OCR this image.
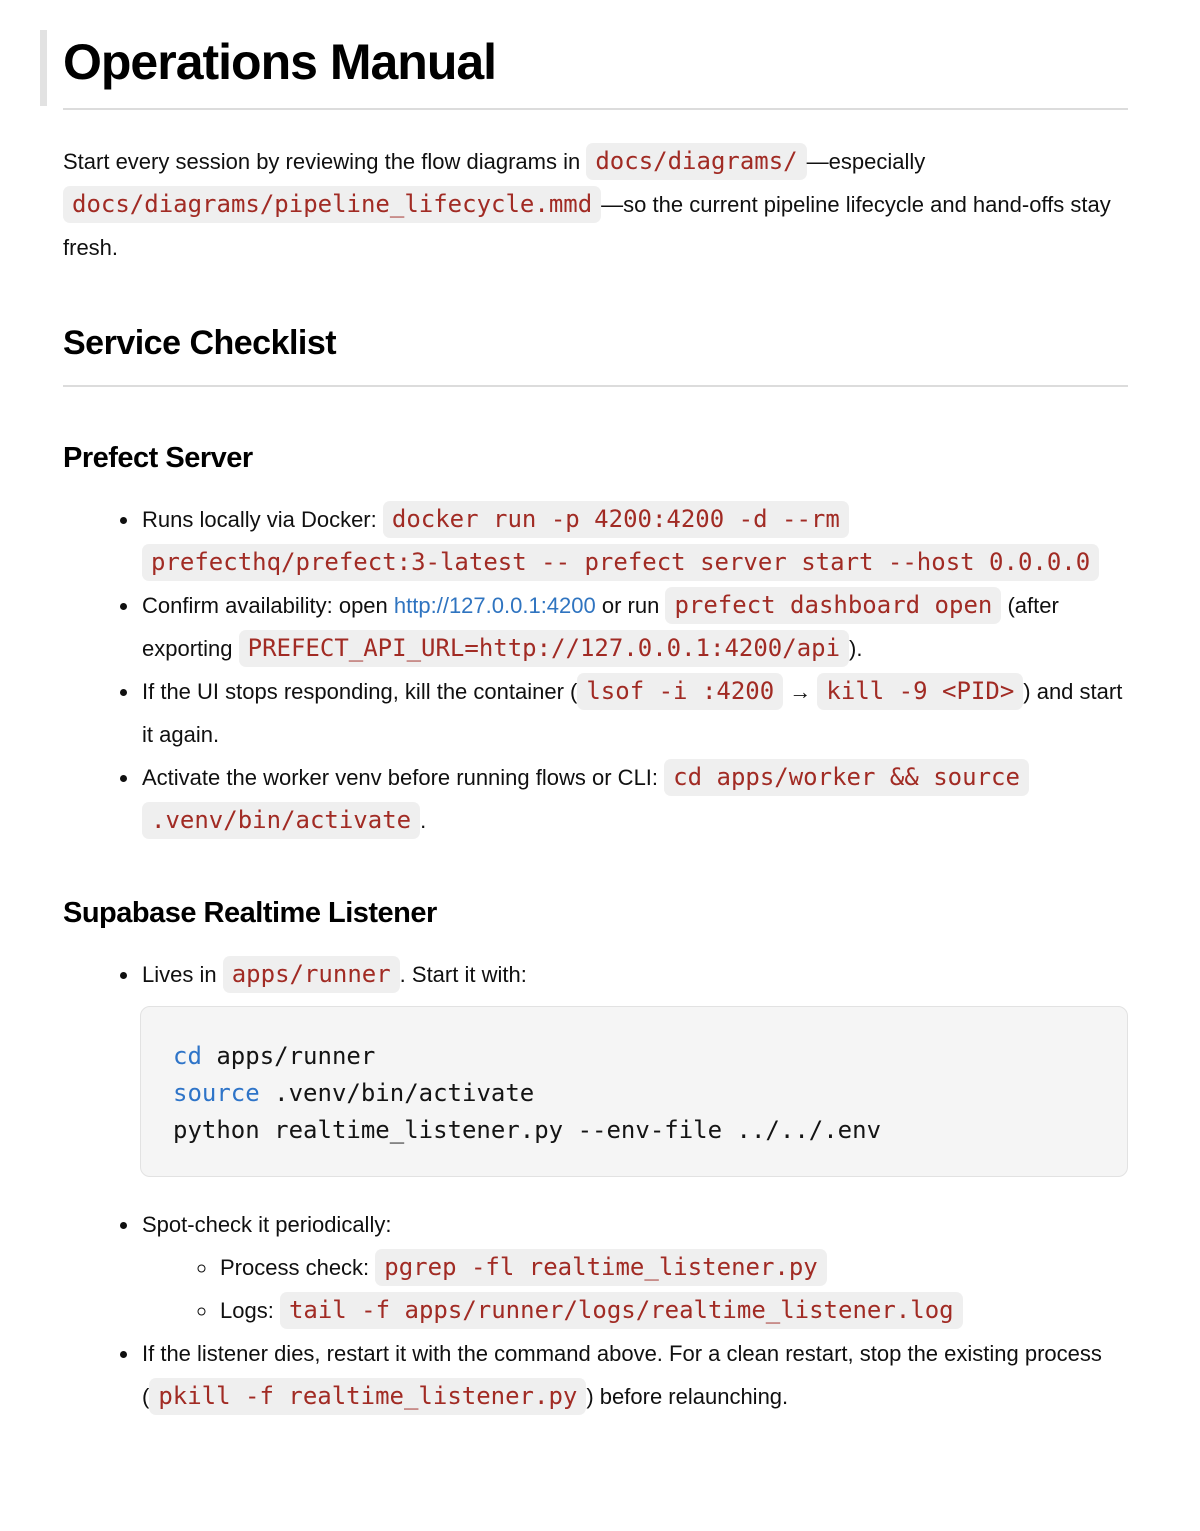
Operations Manual

Start every session by reviewing the flow diagrams in docs/diagrams/ —especially docs/diagrams/pipeline_lifecycle.mmd —so the current pipeline lifecycle and hand-offs stay fresh.

Service Checklist
Prefect Server
• Runs locally via Docker: docker run -p 4200:4200 -d --rm prefecthq/prefect:3-latest -- prefect server start --host 0.0.0.0
• Confirm availability: open http://127.0.0.1:4200 or run prefect dashboard open (after exporting PREFECT_API_URL=http://127.0.0.1:4200/api ).
• If the UI stops responding, kill the container ( lsof -i :4200 → kill -9 <PID> ) and start it again.
• Activate the worker venv before running flows or CLI: cd apps/worker && source .venv/bin/activate .
Supabase Realtime Listener
• Lives in apps/runner . Start it with:
cd apps/runner
source .venv/bin/activate
python realtime_listener.py --env-file ../../.env
• Spot-check it periodically:
◦ Process check: pgrep -fl realtime_listener.py
◦ Logs: tail -f apps/runner/logs/realtime_listener.log
• If the listener dies, restart it with the command above. For a clean restart, stop the existing process ( pkill -f realtime_listener.py ) before relaunching.
